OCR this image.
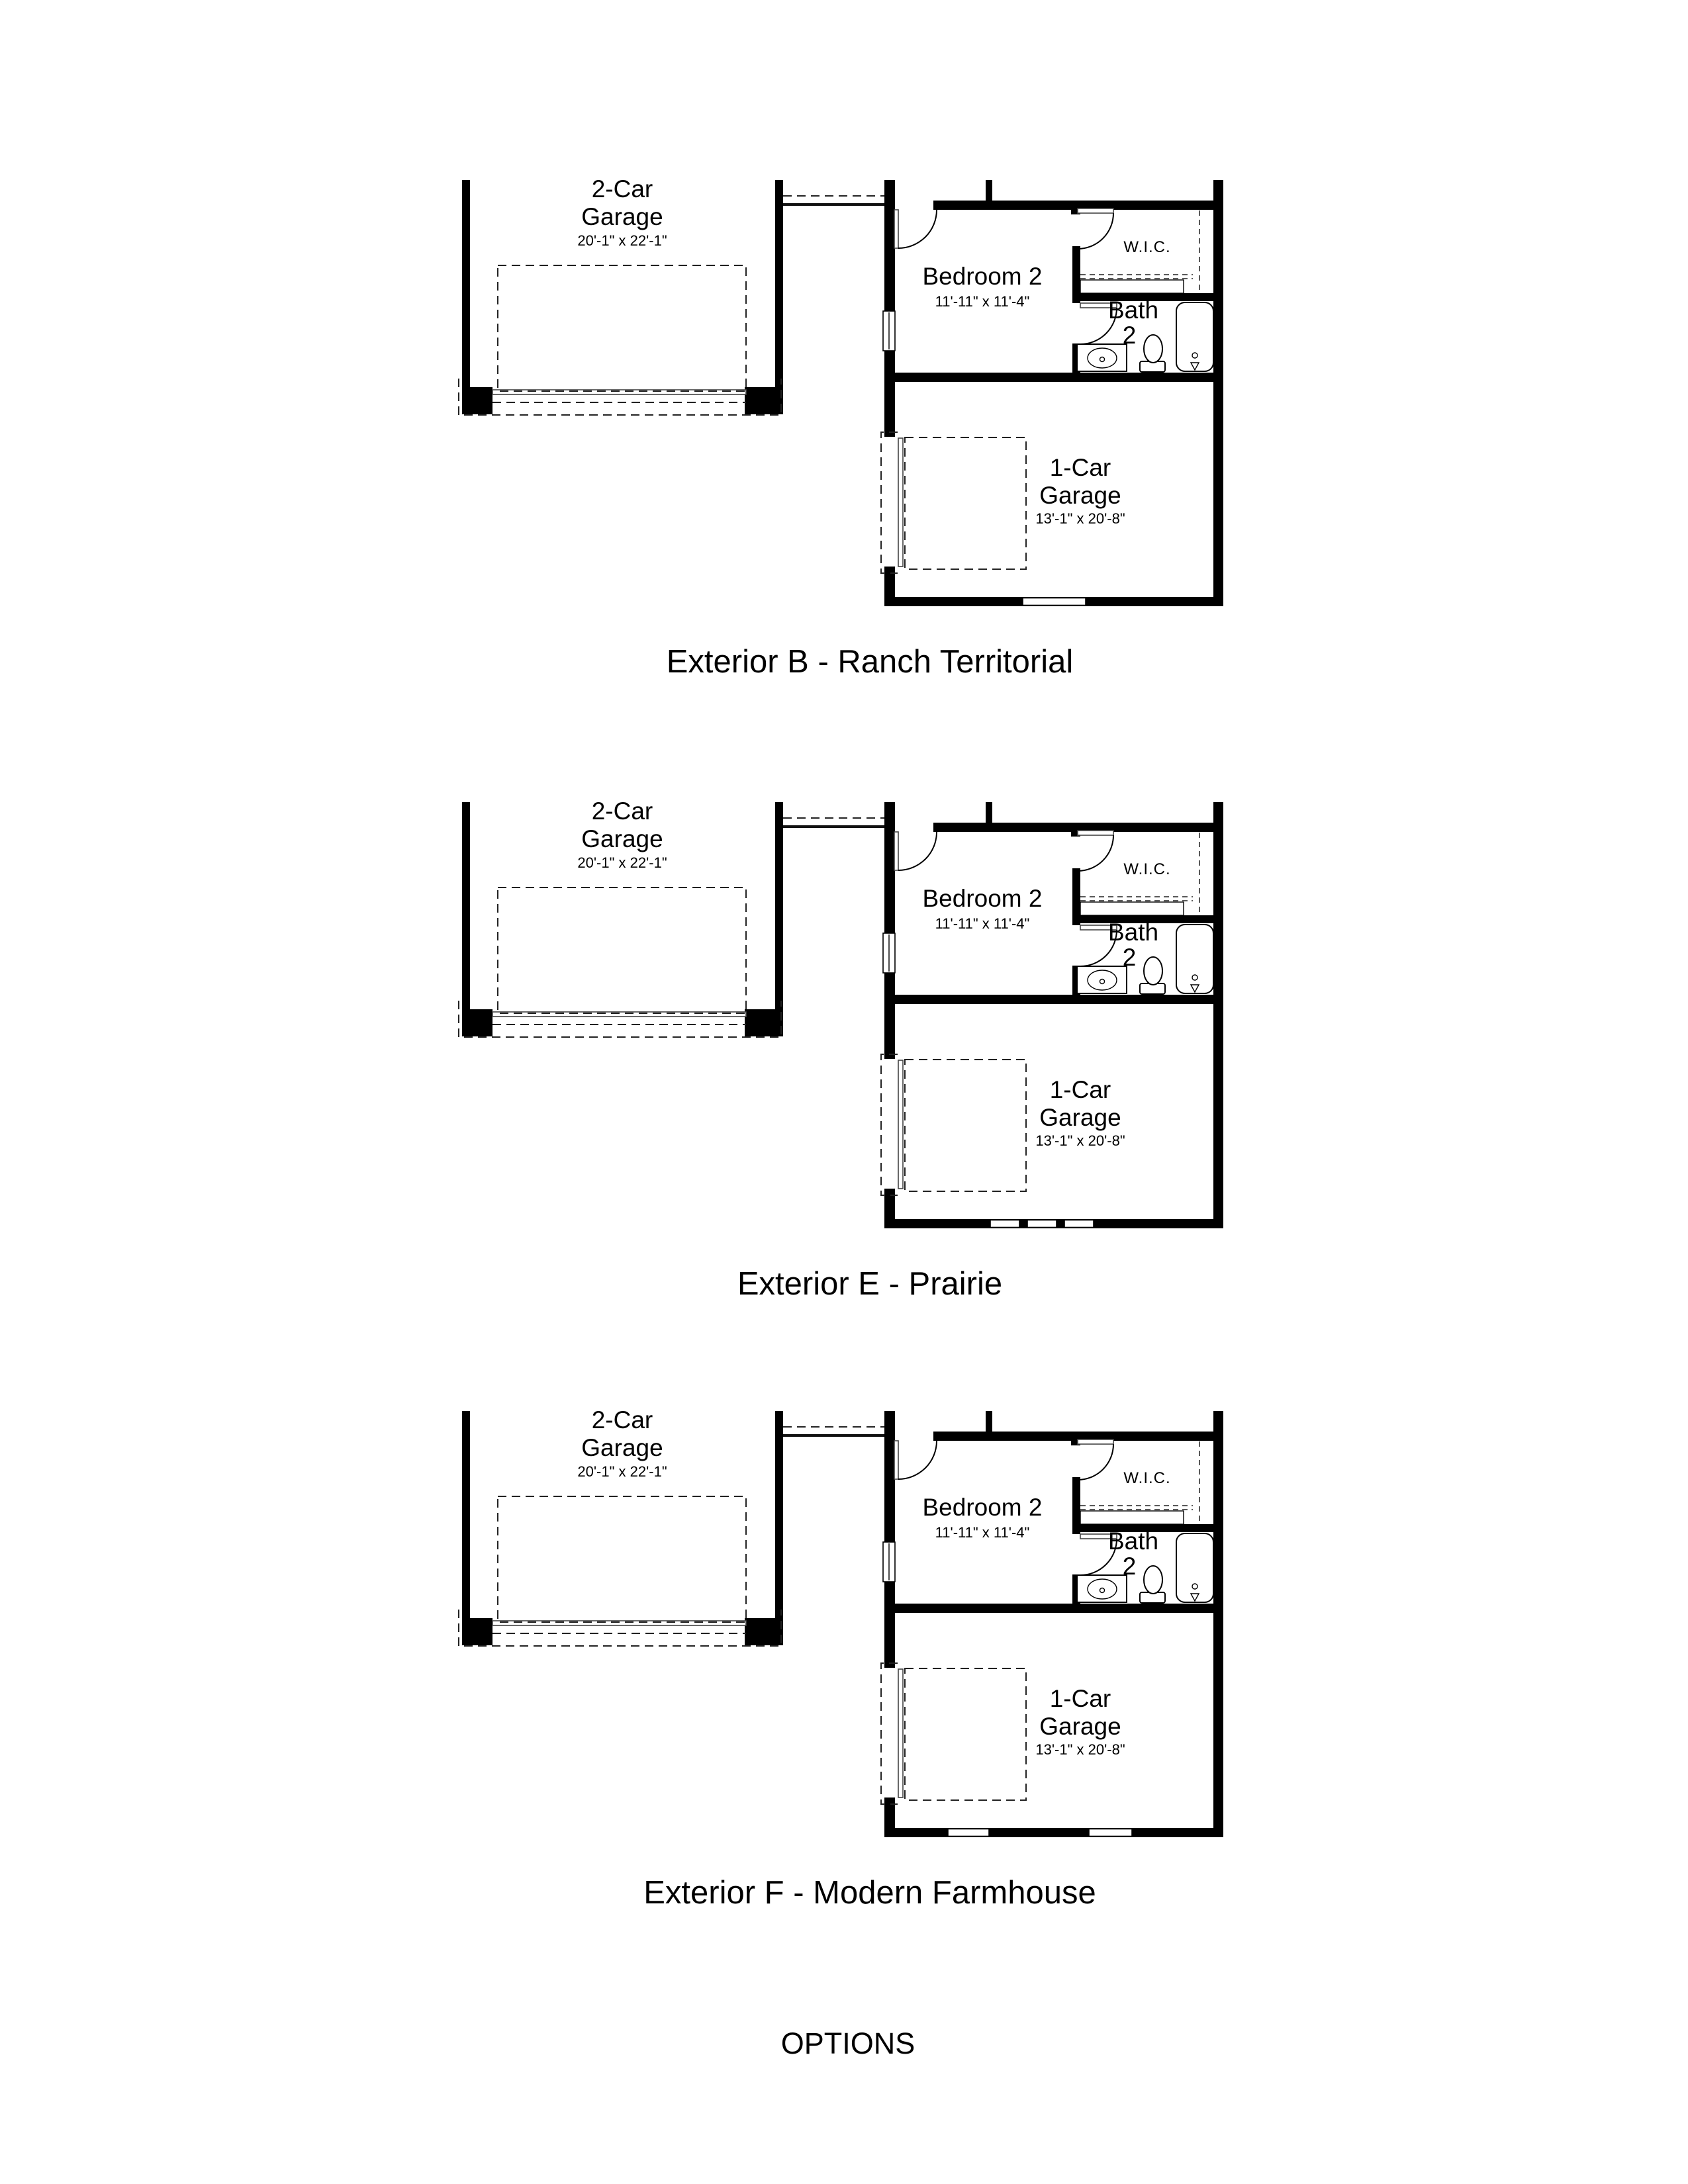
2-Car
Garage
20'-1" x 22'-1"
Bedroom 2
11'-11" x 11'-4"
W.I.C.
Bath
2
1-Car
Garage
13'-1" x 20'-8"
Exterior B - Ranch Territorial
2-Car
Garage
20'-1" x 22'-1"
Bedroom 2
11'-11" x 11'-4"
W.I.C.
Bath
2
1-Car
Garage
13'-1" x 20'-8"
Exterior E - Prairie
2-Car
Garage
20'-1" x 22'-1"
Bedroom 2
11'-11" x 11'-4"
W.I.C.
Bath
2
1-Car
Garage
13'-1" x 20'-8"
Exterior F - Modern Farmhouse
OPTIONS
